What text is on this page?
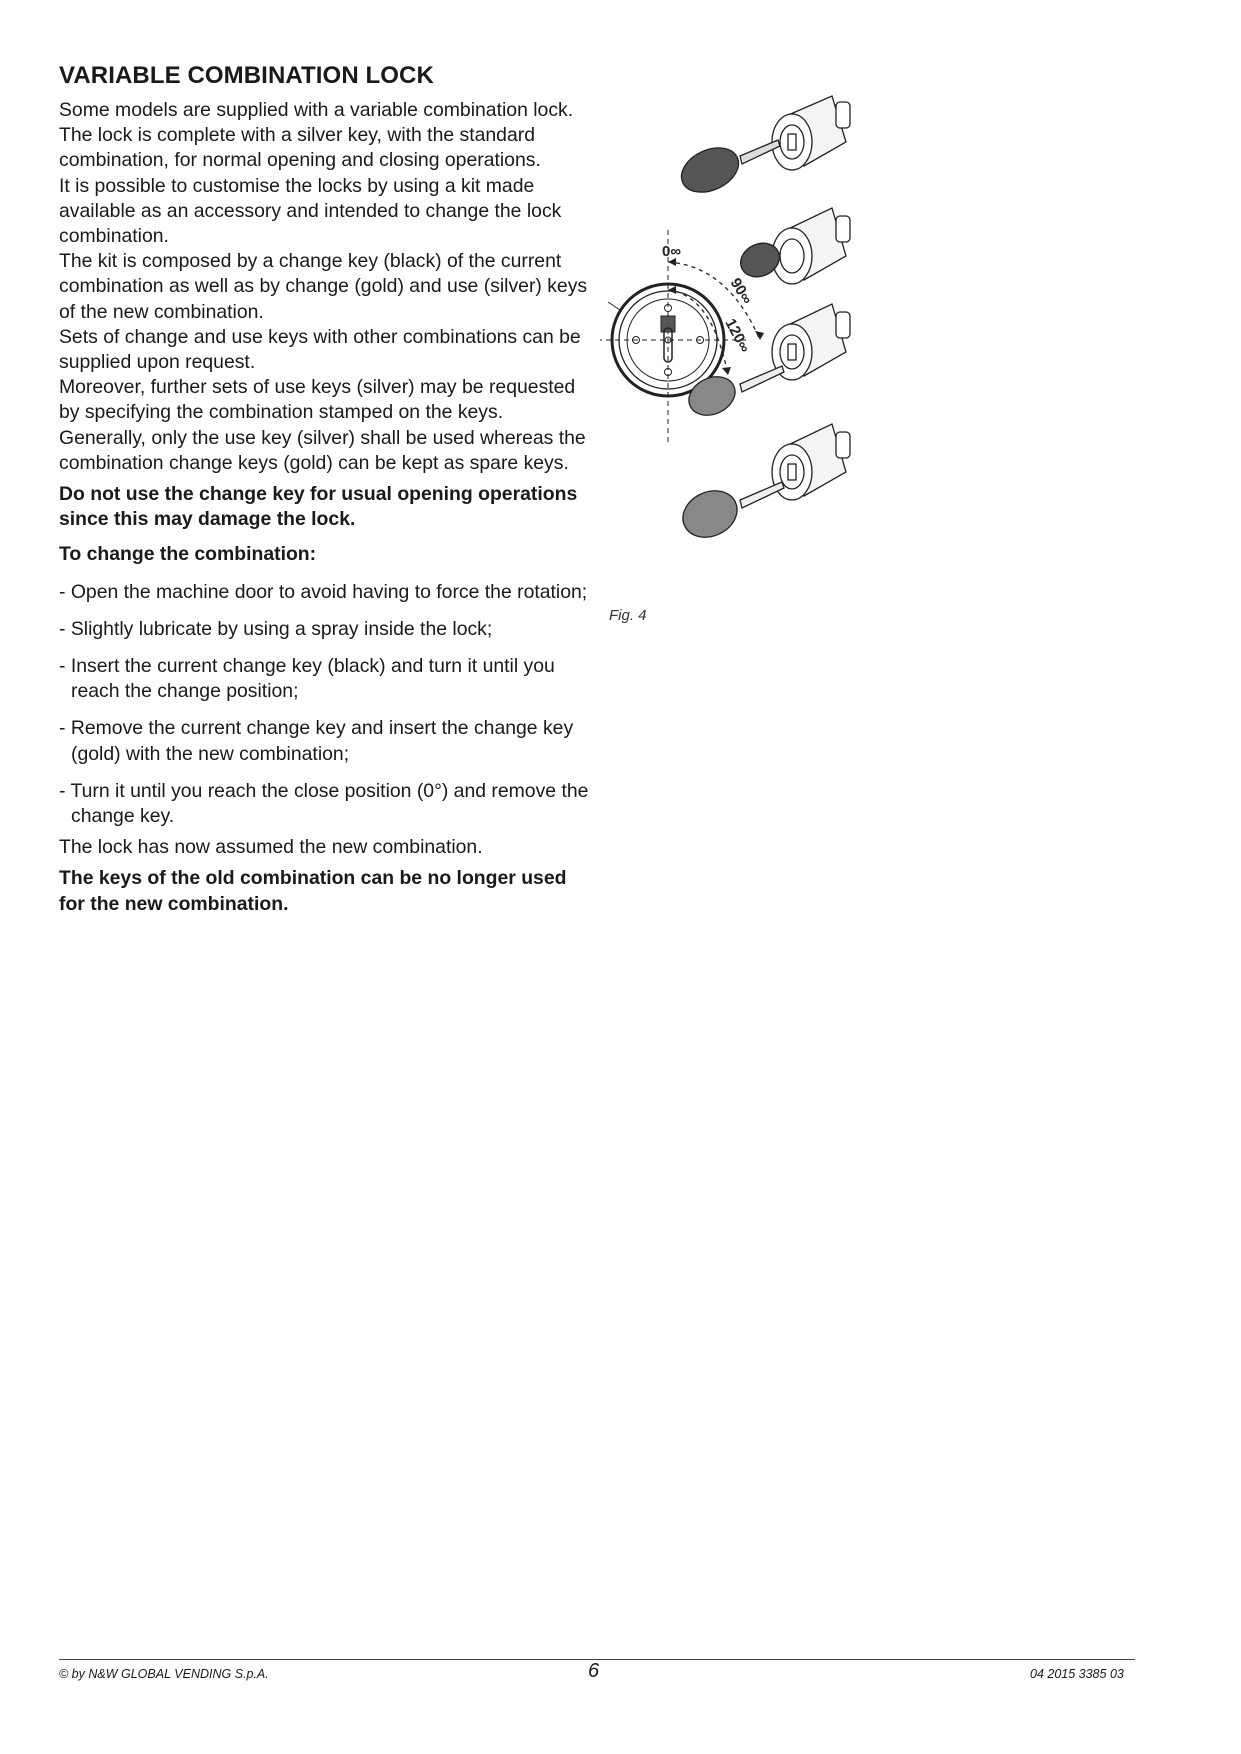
VARIABLE COMBINATION LOCK

Some models are supplied with a variable combination lock.

The lock is complete with a silver key, with the standard combination, for normal opening and closing operations.

It is possible to customise the locks by using a kit made available as an accessory and intended to change the lock combination.

The kit is composed by a change key (black) of the current combination as well as by change (gold) and use (silver) keys of the new combination.

Sets of change and use keys with other combinations can be supplied upon request.

Moreover, further sets of use keys (silver) may be requested by specifying the combination stamped on the keys.

Generally, only the use key (silver) shall be used whereas the combination change keys (gold) can be kept as spare keys.

Do not use the change key for usual opening operations since this may damage the lock.

To change the combination:

- Open the machine door to avoid having to force the rotation;

- Slightly lubricate by using a spray inside the lock;

- Insert the current change key (black) and turn it until you reach the change position;

- Remove the current change key and insert the change key (gold) with the new combination;

- Turn it until you reach the close position (0°) and remove the change key.

The lock has now assumed the new combination.

The keys of the old combination can be no longer used for the new combination.

0∞
90∞
120∞
Fig. 4
© by N&W GLOBAL VENDING S.p.A.	6	04 2015 3385 03
